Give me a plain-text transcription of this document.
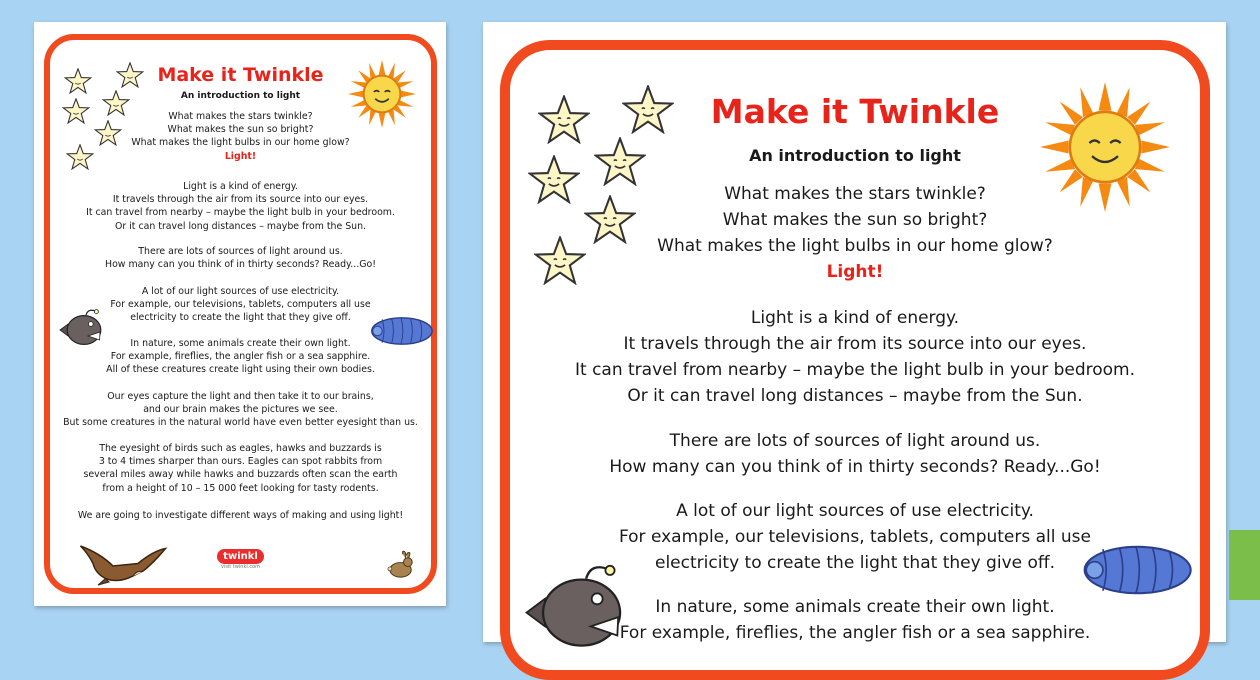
Make it Twinkle
An introduction to light
What makes the stars twinkle?
What makes the sun so bright?
What makes the light bulbs in our home glow?
Light!
Light is a kind of energy.
It travels through the air from its source into our eyes.
It can travel from nearby – maybe the light bulb in your bedroom.
Or it can travel long distances – maybe from the Sun.
There are lots of sources of light around us.
How many can you think of in thirty seconds? Ready...Go!
A lot of our light sources of use electricity.
For example, our televisions, tablets, computers all use
electricity to create the light that they give off.
In nature, some animals create their own light.
For example, fireflies, the angler fish or a sea sapphire.
All of these creatures create light using their own bodies.
Our eyes capture the light and then take it to our brains,
and our brain makes the pictures we see.
But some creatures in the natural world have even better eyesight than us.
The eyesight of birds such as eagles, hawks and buzzards is
3 to 4 times sharper than ours. Eagles can spot rabbits from
several miles away while hawks and buzzards often scan the earth
from a height of 10 – 15 000 feet looking for tasty rodents.
We are going to investigate different ways of making and using light!
twinkl
visit twinkl.com
Make it Twinkle
An introduction to light
What makes the stars twinkle?
What makes the sun so bright?
What makes the light bulbs in our home glow?
Light!
Light is a kind of energy.
It travels through the air from its source into our eyes.
It can travel from nearby – maybe the light bulb in your bedroom.
Or it can travel long distances – maybe from the Sun.
There are lots of sources of light around us.
How many can you think of in thirty seconds? Ready...Go!
A lot of our light sources of use electricity.
For example, our televisions, tablets, computers all use
electricity to create the light that they give off.
In nature, some animals create their own light.
For example, fireflies, the angler fish or a sea sapphire.
